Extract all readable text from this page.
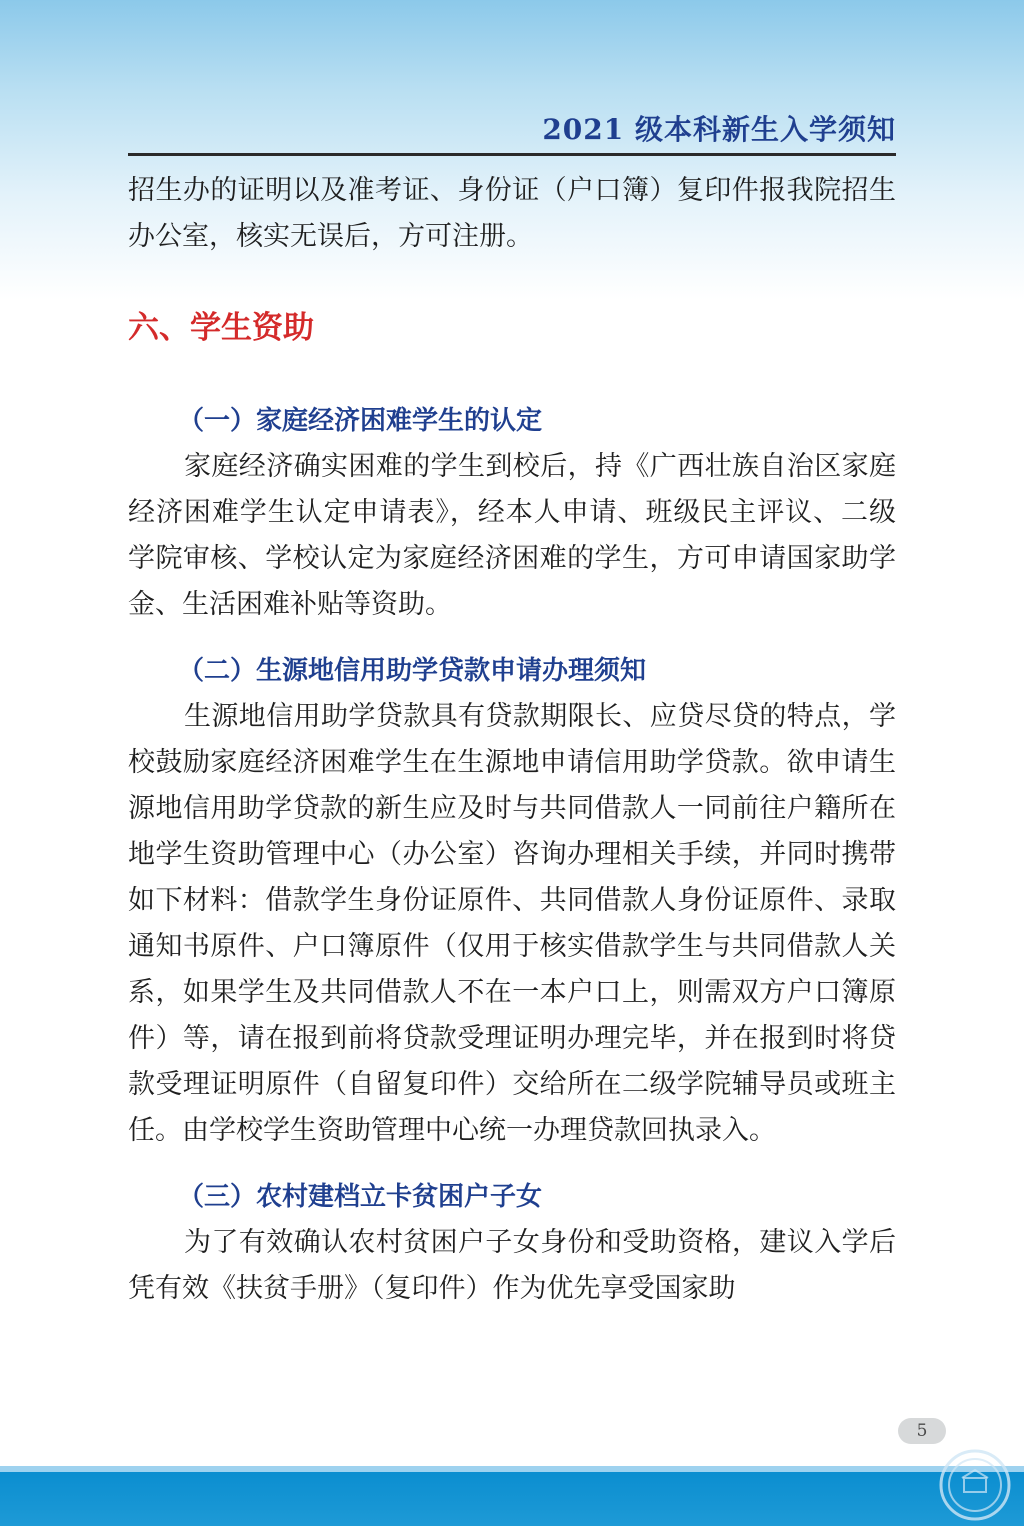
2021 级本科新生入学须知

招生办的证明以及准考证、身份证（户口簿）复印件报我院招生办公室，核实无误后，方可注册。

六、学生资助
（一）家庭经济困难学生的认定

家庭经济确实困难的学生到校后，持《广西壮族自治区家庭经济困难学生认定申请表》，经本人申请、班级民主评议、二级学院审核、学校认定为家庭经济困难的学生，方可申请国家助学金、生活困难补贴等资助。

（二）生源地信用助学贷款申请办理须知

生源地信用助学贷款具有贷款期限长、应贷尽贷的特点，学校鼓励家庭经济困难学生在生源地申请信用助学贷款。欲申请生源地信用助学贷款的新生应及时与共同借款人一同前往户籍所在地学生资助管理中心（办公室）咨询办理相关手续，并同时携带如下材料：借款学生身份证原件、共同借款人身份证原件、录取通知书原件、户口簿原件（仅用于核实借款学生与共同借款人关系，如果学生及共同借款人不在一本户口上，则需双方户口簿原件）等，请在报到前将贷款受理证明办理完毕，并在报到时将贷款受理证明原件（自留复印件）交给所在二级学院辅导员或班主任。由学校学生资助管理中心统一办理贷款回执录入。

（三）农村建档立卡贫困户子女

为了有效确认农村贫困户子女身份和受助资格，建议入学后凭有效《扶贫手册》（复印件）作为优先享受国家助

5
